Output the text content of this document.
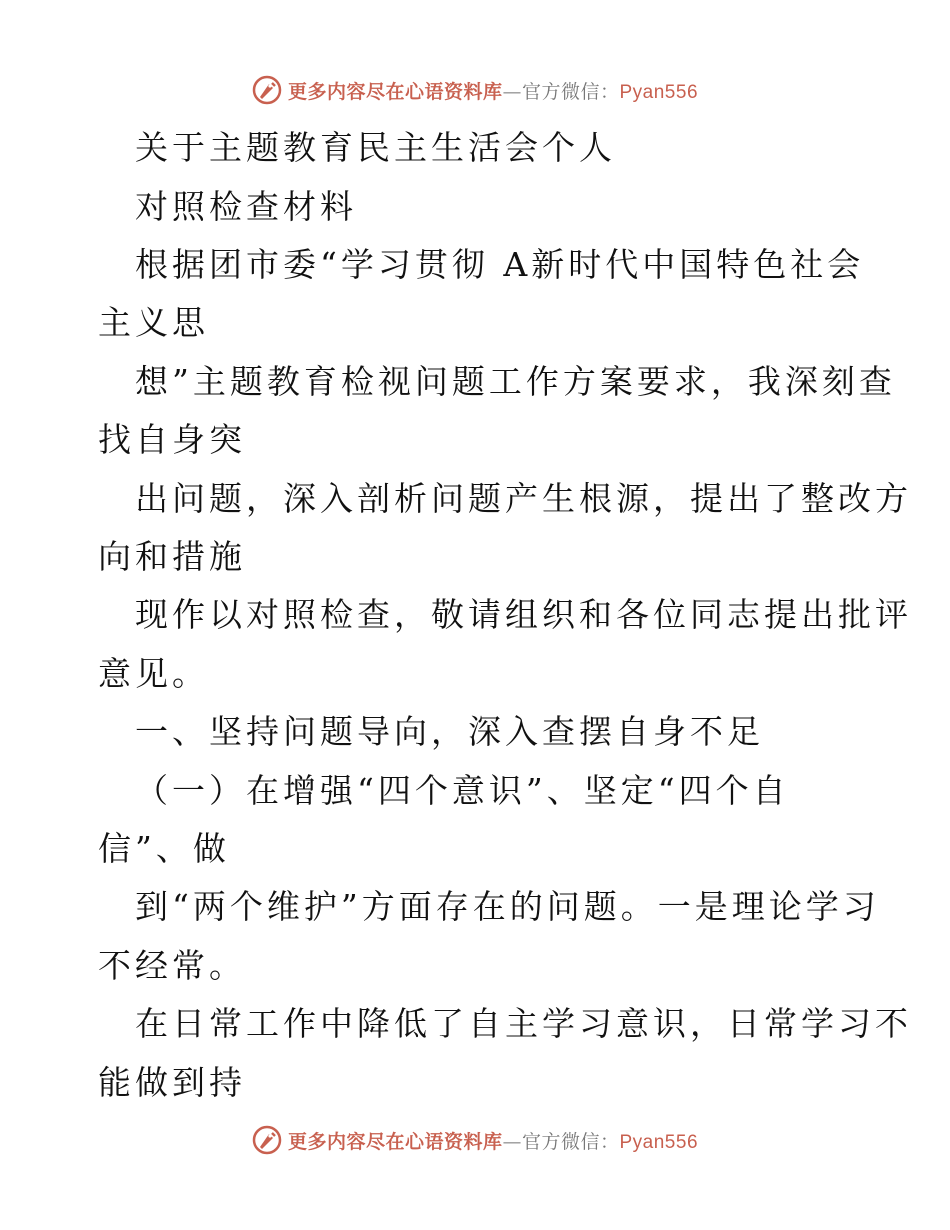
更多内容尽在心语资料库—官方微信：Pyan556
关于主题教育民主生活会个人
对照检查材料
根据团市委“学习贯彻 A新时代中国特色社会
主义思
想”主题教育检视问题工作方案要求，我深刻查
找自身突
出问题，深入剖析问题产生根源，提出了整改方
向和措施
现作以对照检查，敬请组织和各位同志提出批评
意见。
一、坚持问题导向，深入查摆自身不足
（一）在增强“四个意识”、坚定“四个自
信”、做
到“两个维护”方面存在的问题。一是理论学习
不经常。
在日常工作中降低了自主学习意识，日常学习不
能做到持
更多内容尽在心语资料库—官方微信：Pyan556
